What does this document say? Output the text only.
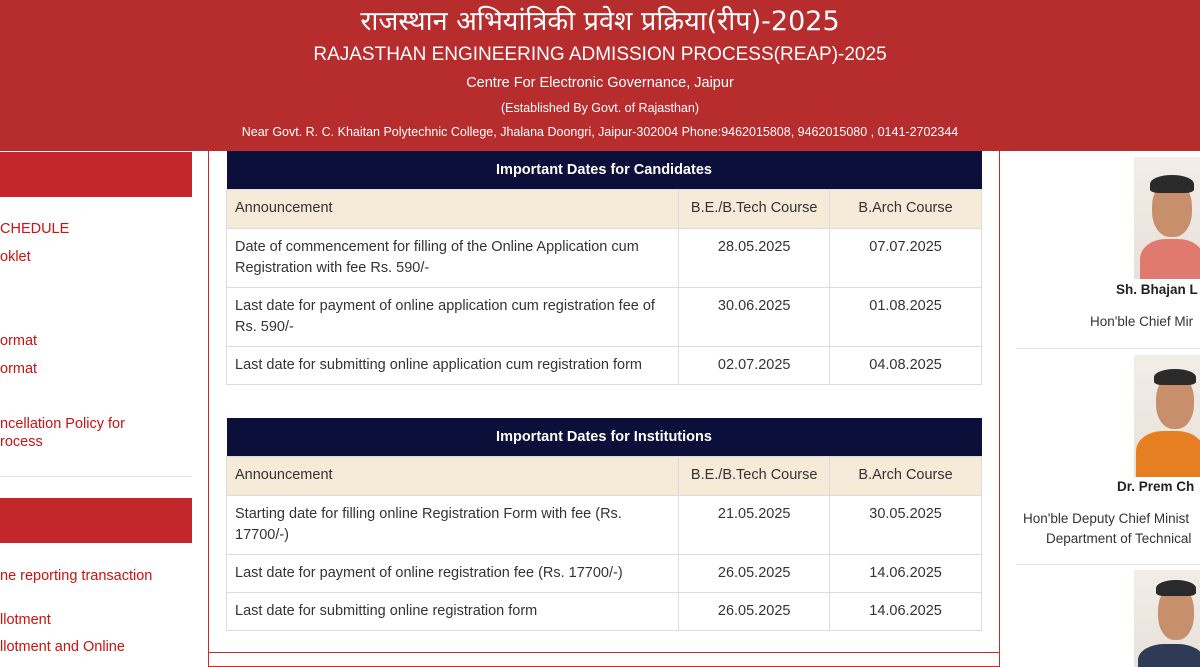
राजस्थान अभियांत्रिकी प्रवेश प्रक्रिया(रीप)-2025
RAJASTHAN ENGINEERING ADMISSION PROCESS(REAP)-2025
Centre For Electronic Governance, Jaipur
(Established By Govt. of Rajasthan)
Near Govt. R. C. Khaitan Polytechnic College, Jhalana Doongri, Jaipur-302004 Phone:9462015808, 9462015080 , 0141-2702344
CHEDULE
oklet
ormat
ormat
ncellation Policy for
rocess
ne reporting transaction
llotment
llotment and Online
Important Dates for Candidates		
Announcement	B.E./B.Tech Course	B.Arch Course
Date of commencement for filling of the Online Application cum Registration with fee Rs. 590/-	28.05.2025	07.07.2025
Last date for payment of online application cum registration fee of Rs. 590/-	30.06.2025	01.08.2025
Last date for submitting online application cum registration form	02.07.2025	04.08.2025
Important Dates for Institutions		
Announcement	B.E./B.Tech Course	B.Arch Course
Starting date for filling online Registration Form with fee (Rs. 17700/-)	21.05.2025	30.05.2025
Last date for payment of online registration fee (Rs. 17700/-)	26.05.2025	14.06.2025
Last date for submitting online registration form	26.05.2025	14.06.2025
Sh. Bhajan L
Hon'ble Chief Mir
Dr. Prem Ch
Hon'ble Deputy Chief Minist
Department of Technical
